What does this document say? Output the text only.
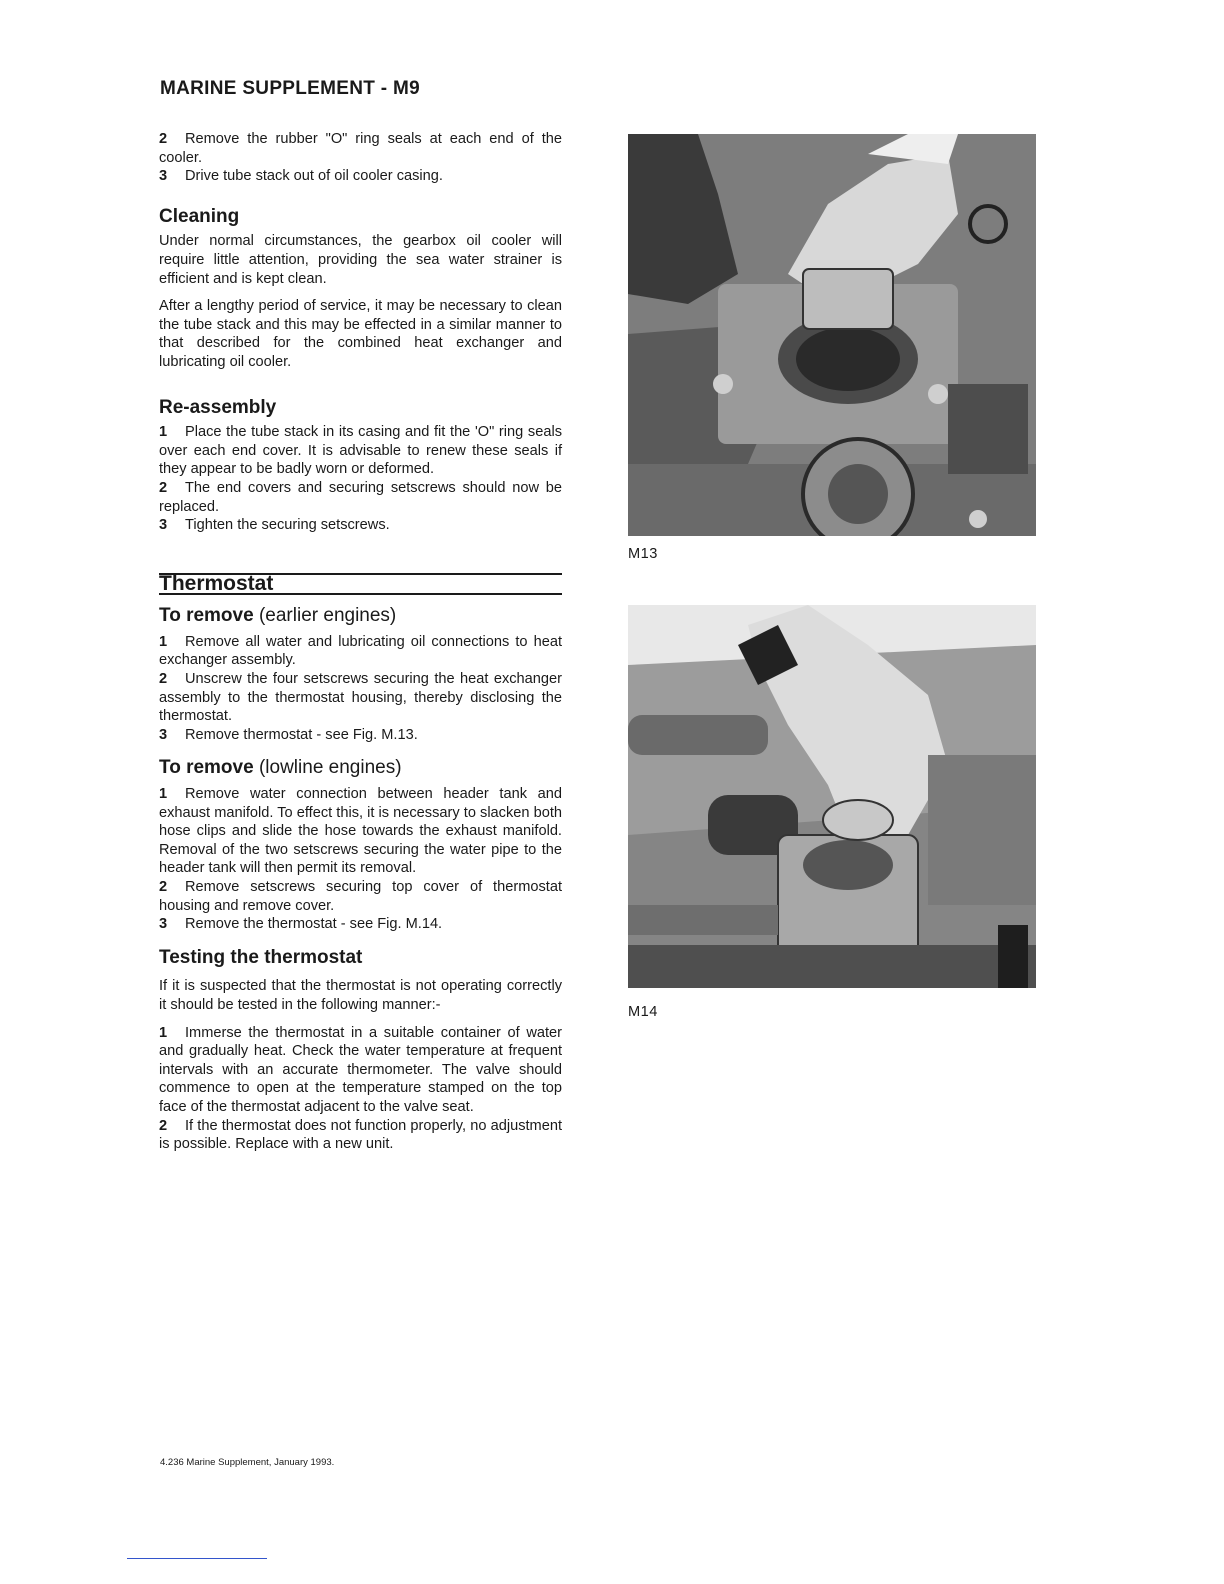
MARINE SUPPLEMENT - M9

2 Remove the rubber "O" ring seals at each end of the cooler.

3 Drive tube stack out of oil cooler casing.

Cleaning

Under normal circumstances, the gearbox oil cooler will require little attention, providing the sea water strainer is efficient and is kept clean.

After a lengthy period of service, it may be necessary to clean the tube stack and this may be effected in a similar manner to that described for the combined heat exchanger and lubricating oil cooler.

Re-assembly

1 Place the tube stack in its casing and fit the 'O" ring seals over each end cover. It is advisable to renew these seals if they appear to be badly worn or deformed.

2 The end covers and securing setscrews should now be replaced.

3 Tighten the securing setscrews.

Thermostat

To remove (earlier engines)

1 Remove all water and lubricating oil connections to heat exchanger assembly.

2 Unscrew the four setscrews securing the heat exchanger assembly to the thermostat housing, thereby disclosing the thermostat.

3 Remove thermostat - see Fig. M.13.

To remove (lowline engines)

1 Remove water connection between header tank and exhaust manifold. To effect this, it is necessary to slacken both hose clips and slide the hose towards the exhaust manifold. Removal of the two setscrews securing the water pipe to the header tank will then permit its removal.

2 Remove setscrews securing top cover of thermostat housing and remove cover.

3 Remove the thermostat - see Fig. M.14.

Testing the thermostat

If it is suspected that the thermostat is not operating correctly it should be tested in the following manner:-

1 Immerse the thermostat in a suitable container of water and gradually heat. Check the water temperature at frequent intervals with an accurate thermometer. The valve should commence to open at the temperature stamped on the top face of the thermostat adjacent to the valve seat.

2 If the thermostat does not function properly, no adjustment is possible. Replace with a new unit.

M13
M14
4.236 Marine Supplement, January 1993.
